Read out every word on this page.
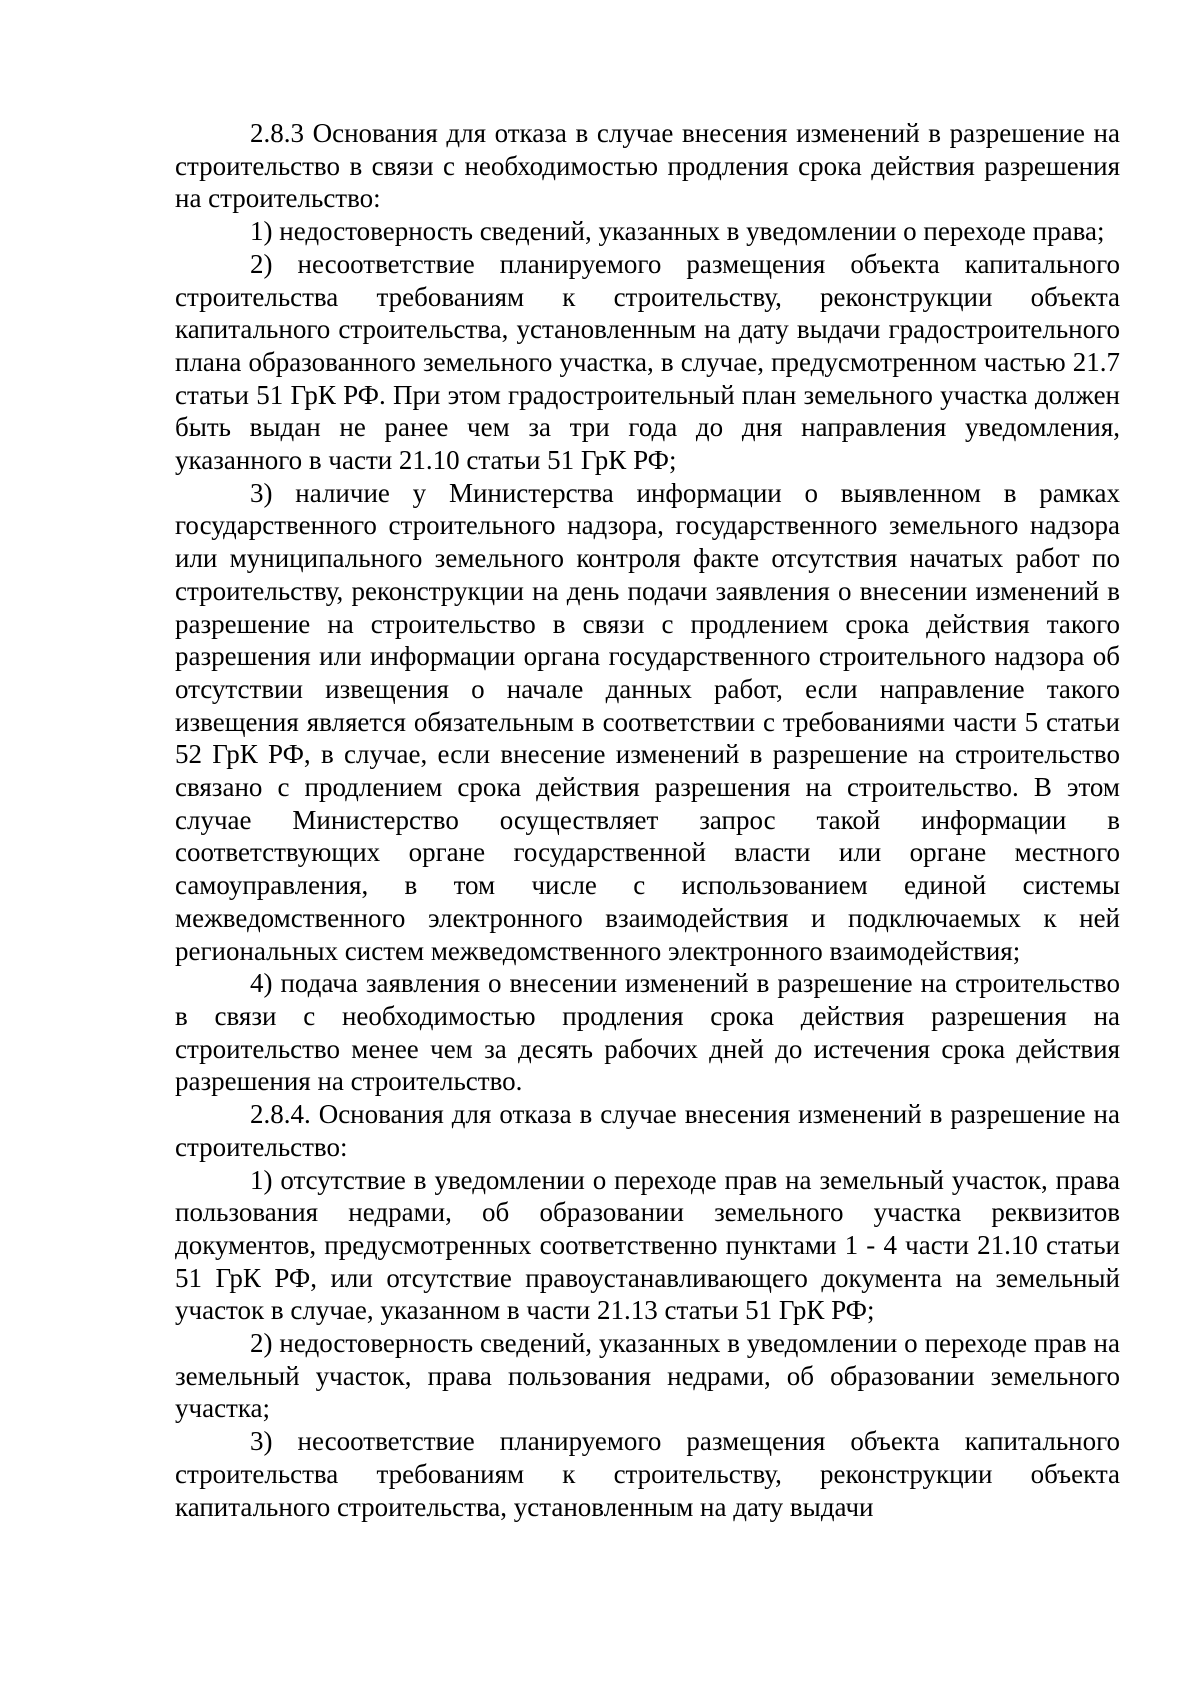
2.8.3 Основания для отказа в случае внесения изменений в разрешение на строительство в связи с необходимостью продления срока действия разрешения на строительство:

1) недостоверность сведений, указанных в уведомлении о переходе права;

2) несоответствие планируемого размещения объекта капитального строительства требованиям к строительству, реконструкции объекта капитального строительства, установленным на дату выдачи градостроительного плана образованного земельного участка, в случае, предусмотренном частью 21.7 статьи 51 ГрК РФ. При этом градостроительный план земельного участка должен быть выдан не ранее чем за три года до дня направления уведомления, указанного в части 21.10 статьи 51 ГрК РФ;

3) наличие у Министерства информации о выявленном в рамках государственного строительного надзора, государственного земельного надзора или муниципального земельного контроля факте отсутствия начатых работ по строительству, реконструкции на день подачи заявления о внесении изменений в разрешение на строительство в связи с продлением срока действия такого разрешения или информации органа государственного строительного надзора об отсутствии извещения о начале данных работ, если направление такого извещения является обязательным в соответствии с требованиями части 5 статьи 52 ГрК РФ, в случае, если внесение изменений в разрешение на строительство связано с продлением срока действия разрешения на строительство. В этом случае Министерство осуществляет запрос такой информации в соответствующих органе государственной власти или органе местного самоуправления, в том числе с использованием единой системы межведомственного электронного взаимодействия и подключаемых к ней региональных систем межведомственного электронного взаимодействия;

4) подача заявления о внесении изменений в разрешение на строительство в связи с необходимостью продления срока действия разрешения на строительство менее чем за десять рабочих дней до истечения срока действия разрешения на строительство.

2.8.4. Основания для отказа в случае внесения изменений в разрешение на строительство:

1) отсутствие в уведомлении о переходе прав на земельный участок, права пользования недрами, об образовании земельного участка реквизитов документов, предусмотренных соответственно пунктами 1 - 4 части 21.10 статьи 51 ГрК РФ, или отсутствие правоустанавливающего документа на земельный участок в случае, указанном в части 21.13 статьи 51 ГрК РФ;

2) недостоверность сведений, указанных в уведомлении о переходе прав на земельный участок, права пользования недрами, об образовании земельного участка;

3) несоответствие планируемого размещения объекта капитального строительства требованиям к строительству, реконструкции объекта капитального строительства, установленным на дату выдачи
